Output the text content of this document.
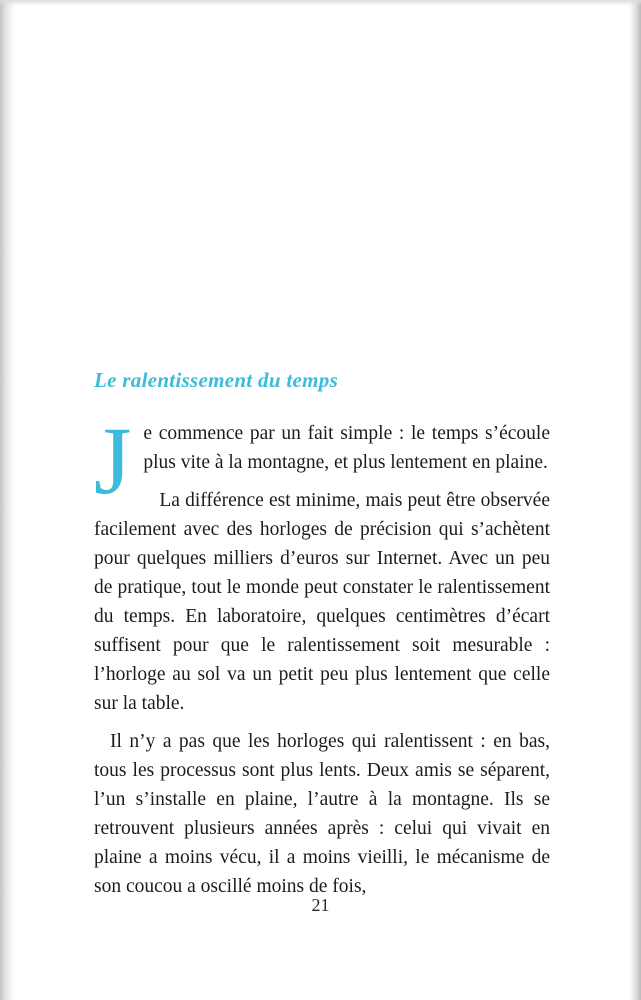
Le ralentissement du temps

Je commence par un fait simple : le temps s’écoule plus vite à la montagne, et plus lentement en plaine.

La différence est minime, mais peut être observée facilement avec des horloges de précision qui s’achètent pour quelques milliers d’euros sur Internet. Avec un peu de pratique, tout le monde peut constater le ralentissement du temps. En laboratoire, quelques centimètres d’écart suffisent pour que le ralentissement soit mesurable : l’horloge au sol va un petit peu plus lentement que celle sur la table.

Il n’y a pas que les horloges qui ralentissent : en bas, tous les processus sont plus lents. Deux amis se séparent, l’un s’installe en plaine, l’autre à la montagne. Ils se retrouvent plusieurs années après : celui qui vivait en plaine a moins vécu, il a moins vieilli, le mécanisme de son coucou a oscillé moins de fois,

21
